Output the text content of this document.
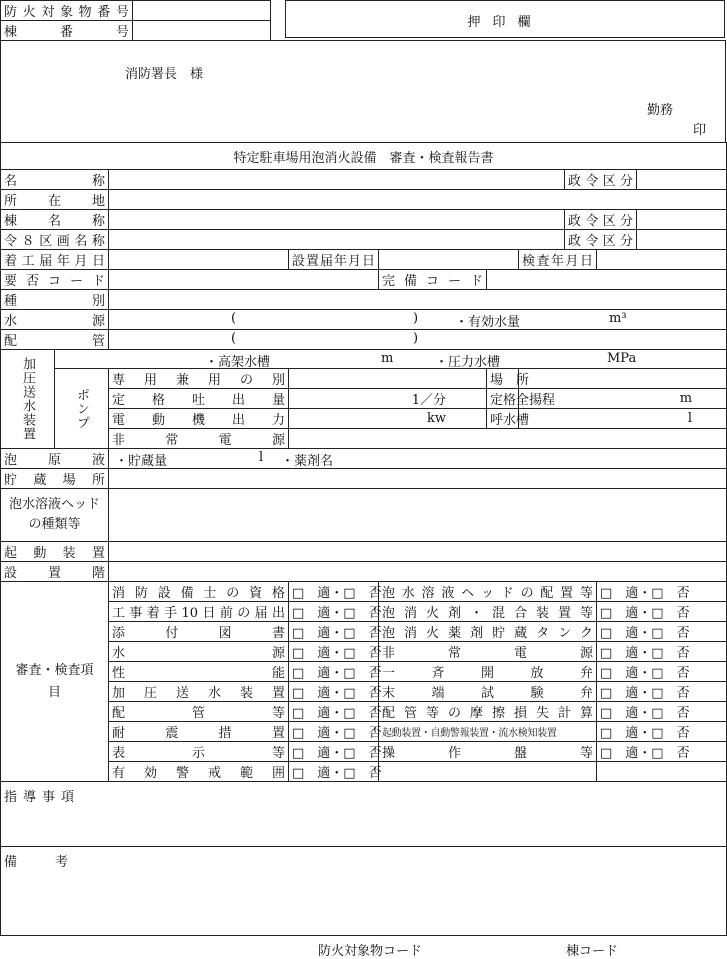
防火対象物番号	
棟　　番　　号	
押印欄
消防署長　様
勤務
印
特定駐車場用泡消火設備　審査・検査報告書									
名　　称							政令区分		
所　在　地									
棟　名　称							政令区分		
令８区画名称							政令区分		
着工届年月日			設置届年月日			検査年月日			
要否コード				完備コード					
種　　別									
水　　源		( ) ・有効水量 m³							

配　　管		( )							

加圧送水装置	・高架水槽 m ・圧力水槽 MPa								

	ポンプ	専用兼用の別			場　所				
		定格吐出量	1／分		定格全揚程	m			
		電動機出力	kw		呼水槽	l			
		非常電源							
泡　原　液		・貯蔵量 l ・薬剤名							

貯蔵場所									
泡水溶液ヘッドの種類等									
起動装置									
設置階									
審査・検査項目		消防設備士の資格	□　適・□　否	泡水溶液ヘッドの配置等				□　適・□　否	
		工事着手10日前の届出	□　適・□　否	泡消火剤・混合装置等				□　適・□　否	
		添付図書	□　適・□　否	泡消火薬剤貯蔵タンク				□　適・□　否	
		水源	□　適・□　否	非常電源				□　適・□　否	
		性能	□　適・□　否	一斉開放弁				□　適・□　否	
		加圧送水装置	□　適・□　否	末端試験弁				□　適・□　否	
		配管等	□　適・□　否	配管等の摩擦損失計算				□　適・□　否	
		耐震措置	□　適・□　否	起動装置・自動警報装置・流水検知装置				□　適・□　否	
		表示等	□　適・□　否	操作盤等				□　適・□　否	
		有効警戒範囲	□　適・□　否						
指導事項									
備　　考									
防火対象物コード	棟コード
